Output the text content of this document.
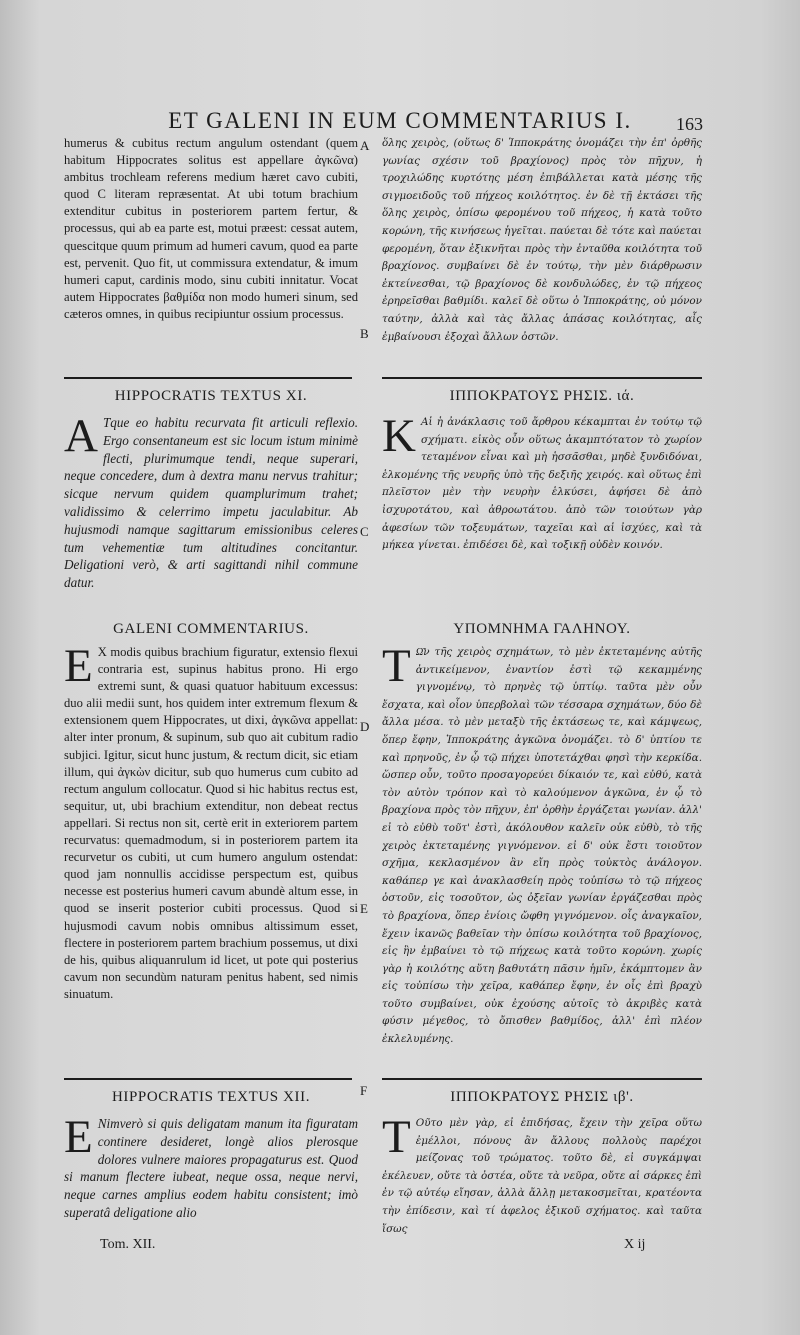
ET GALENI IN EUM COMMENTARIUS I.	163

humerus & cubitus rectum angulum ostendant (quem habitum Hippocrates solitus est appellare ἀγκῶνα) ambitus trochleam referens medium hæret cavo cubiti, quod C literam repræsentat. At ubi totum brachium extenditur cubitus in posteriorem partem fertur, & processus, qui ab ea parte est, motui præest: cessat autem, quescitque quum primum ad humeri cavum, quod ea parte est, pervenit. Quo fit, ut commissura extendatur, & imum humeri caput, cardinis modo, sinu cubiti innitatur. Vocat autem Hippocrates βαθμίδα non modo humeri sinum, sed cæteros omnes, in quibus recipiuntur ossium processus.

ὅλης χειρὸς, (οὕτως δ' Ἱπποκράτης ὀνομάζει τὴν ἐπ' ὀρθῆς γωνίας σχέσιν τοῦ βραχίονος) πρὸς τὸν πῆχυν, ἡ τροχιλώδης κυρτότης μέση ἐπιβάλλεται κατὰ μέσης τῆς σιγμοειδοῦς τοῦ πήχεος κοιλότητος. ἐν δὲ τῇ ἐκτάσει τῆς ὅλης χειρὸς, ὀπίσω φερομένου τοῦ πήχεος, ἡ κατὰ τοῦτο κορώνη, τῆς κινήσεως ἡγεῖται. παύεται δὲ τότε καὶ παύεται φερομένη, ὅταν ἐξικνῆται πρὸς τὴν ἐνταῦθα κοιλότητα τοῦ βραχίονος. συμβαίνει δὲ ἐν τούτῳ, τὴν μὲν διάρθρωσιν ἐκτείνεσθαι, τῷ βραχίονος δὲ κονδυλώδες, ἐν τῷ πήχεος ἐρηρεῖσθαι βαθμίδι. καλεῖ δὲ οὕτω ὁ Ἱπποκράτης, οὐ μόνον ταύτην, ἀλλὰ καὶ τὰς ἄλλας ἁπάσας κοιλότητας, αἷς ἐμβαίνουσι ἐξοχαὶ ἄλλων ὀστῶν.

HIPPOCRATIS TEXTUS XI.	ΙΠΠΟΚΡΑΤΟΥΣ ΡΗΣΙΣ. ιά.

A Tque eo habitu recurvata fit articuli reflexio. Ergo consentaneum est sic locum istum minimè flecti, plurimumque tendi, neque superari, neque concedere, dum à dextra manu nervus trahitur; sicque nervum quidem quamplurimum trahet; validissimo & celerrimo impetu jaculabitur. Ab hujusmodi namque sagittarum emissionibus celeres tum vehementiæ tum altitudines concitantur. Deligationi verò, & arti sagittandi nihil commune datur.

K Αἱ ἡ ἀνάκλασις τοῦ ἄρθρου κέκαμπται ἐν τούτῳ τῷ σχήματι. εἰκὸς οὖν οὕτως ἀκαμπτότατον τὸ χωρίον τεταμένον εἶναι καὶ μὴ ἡσσᾶσθαι, μηδὲ ξυνδιδόναι, ἑλκομένης τῆς νευρῆς ὑπὸ τῆς δεξιῆς χειρός. καὶ οὕτως ἐπὶ πλεῖστον μὲν τὴν νευρὴν ἑλκύσει, ἀφήσει δὲ ἀπὸ ἰσχυροτάτου, καὶ ἀθροωτάτου. ἀπὸ τῶν τοιούτων γὰρ ἀφεσίων τῶν τοξευμάτων, ταχεῖαι καὶ αἱ ἰσχύες, καὶ τὰ μήκεα γίνεται. ἐπιδέσει δὲ, καὶ τοξικῇ οὐδὲν κοινόν.

GALENI COMMENTARIUS.	ΥΠΟΜΝΗΜΑ ΓΑΛΗΝΟΥ.

E X modis quibus brachium figuratur, extensio flexui contraria est, supinus habitus prono. Hi ergo extremi sunt, & quasi quatuor habituum excessus: duo alii medii sunt, hos quidem inter extremum flexum & extensionem quem Hippocrates, ut dixi, ἀγκῶνα appellat: alter inter pronum, & supinum, sub quo ait cubitum radio subjici. Igitur, sicut hunc justum, & rectum dicit, sic etiam illum, qui ἀγκὼν dicitur, sub quo humerus cum cubito ad rectum angulum collocatur. Quod si hic habitus rectus est, sequitur, ut, ubi brachium extenditur, non debeat rectus appellari. Si rectus non sit, certè erit in exteriorem partem recurvatus: quemadmodum, si in posteriorem partem ita recurvetur os cubiti, ut cum humero angulum ostendat: quod jam nonnullis accidisse perspectum est, quibus necesse est posterius humeri cavum abundè altum esse, in quod se inserit posterior cubiti processus. Quod si hujusmodi cavum nobis omnibus altissimum esset, flectere in posteriorem partem brachium possemus, ut dixi de his, quibus aliquanrulum id licet, ut pote qui posterius cavum non secundùm naturam penitus habent, sed nimis sinuatum.

T Ω͂ν τῆς χειρὸς σχημάτων, τὸ μὲν ἐκτεταμένης αὐτῆς ἀντικείμενον, ἐναντίον ἐστὶ τῷ κεκαμμένης γιγνομένῳ, τὸ πρηνὲς τῷ ὑπτίῳ. ταῦτα μὲν οὖν ἔσχατα, καὶ οἷον ὑπερβολαὶ τῶν τέσσαρα σχημάτων, δύο δὲ ἄλλα μέσα. τὸ μὲν μεταξὺ τῆς ἐκτάσεως τε, καὶ κάμψεως, ὅπερ ἔφην, Ἱπποκράτης ἀγκῶνα ὀνομάζει. τὸ δ' ὑπτίου τε καὶ πρηνοῦς, ἐν ᾧ τῷ πήχει ὑποτετάχθαι φησὶ τὴν κερκίδα. ὥσπερ οὖν, τοῦτο προσαγορεύει δίκαιόν τε, καὶ εὐθύ, κατὰ τὸν αὐτὸν τρόπον καὶ τὸ καλούμενον ἀγκῶνα, ἐν ᾧ τὸ βραχίονα πρὸς τὸν πῆχυν, ἐπ' ὀρθὴν ἐργάζεται γωνίαν. ἀλλ' εἰ τὸ εὐθὺ τοῦτ' ἐστὶ, ἀκόλουθον καλεῖν οὐκ εὐθὺ, τὸ τῆς χειρὸς ἐκτεταμένης γιγνόμενον. εἰ δ' οὐκ ἔστι τοιοῦτον σχῆμα, κεκλασμένον ἂν εἴη πρὸς τοὐκτὸς ἀνάλογον. καθάπερ γε καὶ ἀνακλασθείη πρὸς τοὐπίσω τὸ τῷ πήχεος ὀστοῦν, εἰς τοσοῦτον, ὡς ὀξεῖαν γωνίαν ἐργάζεσθαι πρὸς τὸ βραχίονα, ὅπερ ἐνίοις ὤφθη γιγνόμενον. οἷς ἀναγκαῖον, ἔχειν ἱκανῶς βαθεῖαν τὴν ὀπίσω κοιλότητα τοῦ βραχίονος, εἰς ἣν ἐμβαίνει τὸ τῷ πήχεως κατὰ τοῦτο κορώνη. χωρίς γὰρ ἡ κοιλότης αὕτη βαθυτάτη πᾶσιν ἡμῖν, ἐκάμπτομεν ἂν εἰς τοὐπίσω τὴν χεῖρα, καθάπερ ἔφην, ἐν οἷς ἐπὶ βραχὺ τοῦτο συμβαίνει, οὐκ ἐχούσης αὐτοῖς τὸ ἀκριβὲς κατὰ φύσιν μέγεθος, τὸ ὄπισθεν βαθμίδος, ἀλλ' ἐπὶ πλέον ἐκλελυμένης.

HIPPOCRATIS TEXTUS XII.	ΙΠΠΟΚΡΑΤΟΥΣ ΡΗΣΙΣ ιβ'.

E Nimverò si quis deligatam manum ita figuratam continere desideret, longè alios plerosque dolores vulnere maiores propagaturus est. Quod si manum flectere iubeat, neque ossa, neque nervi, neque carnes amplius eodem habitu consistent; imò superatâ deligatione alio

T Οῦτο μὲν γὰρ, εἰ ἐπιδήσας, ἔχειν τὴν χεῖρα οὕτω ἐμέλλοι, πόνους ἂν ἄλλους πολλοὺς παρέχοι μείζονας τοῦ τρώματος. τοῦτο δὲ, εἰ συγκάμψαι ἐκέλευεν, οὔτε τὰ ὀστέα, οὔτε τὰ νεῦρα, οὔτε αἱ σάρκες ἐπὶ ἐν τῷ αὐτέῳ εἴησαν, ἀλλὰ ἄλλῃ μετακοσμεῖται, κρατέοντα τὴν ἐπίδεσιν, καὶ τί ἀφελος ἐξικοῦ σχήματος. καὶ ταῦτα ἴσως

A
B
C
D
E
F
Tom. XII.	X ij
